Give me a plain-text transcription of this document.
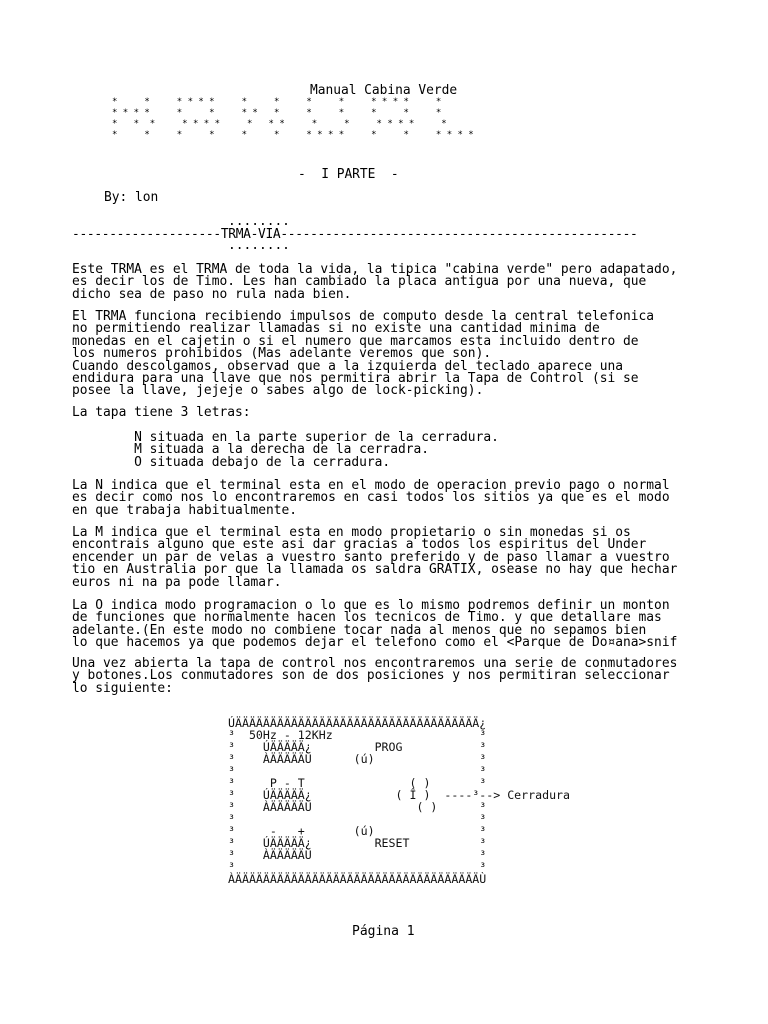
Manual Cabina Verde
*     *     * * * *     *     *     *     *     * * * *     *
* * * *     *     *     * *   *     *     *     *     *     *
*   *  *     * * * *     *   * *     *     *     * * * *     *
*     *     *     *     *     *     * * * *     *     *     * * * *
-  I PARTE  -
By: lon
........
--------------------TRMA-VIA------------------------------------------------
........
Este TRMA es el TRMA de toda la vida, la tipica "cabina verde" pero adapatado,
es decir los de Timo. Les han cambiado la placa antigua por una nueva, que
dicho sea de paso no rula nada bien.
El TRMA funciona recibiendo impulsos de computo desde la central telefonica
no permitiendo realizar llamadas si no existe una cantidad minima de
monedas en el cajetin o si el numero que marcamos esta incluido dentro de
los numeros prohibidos (Mas adelante veremos que son).
Cuando descolgamos, observad que a la izquierda del teclado aparece una
endidura para una llave que nos permitira abrir la Tapa de Control (si se
posee la llave, jejeje o sabes algo de lock-picking).
La tapa tiene 3 letras:
N situada en la parte superior de la cerradura.
M situada a la derecha de la cerradra.
O situada debajo de la cerradura.
La N indica que el terminal esta en el modo de operacion previo pago o normal
es decir como nos lo encontraremos en casi todos los sitios ya que es el modo
en que trabaja habitualmente.
La M indica que el terminal esta en modo propietario o sin monedas si os
encontrais alguno que este asi dar gracias a todos los espiritus del Under
encender un par de velas a vuestro santo preferido y de paso llamar a vuestro
tio en Australia por que la llamada os saldra GRATIX, osease no hay que hechar
euros ni na pa pode llamar.
La O indica modo programacion o lo que es lo mismo podremos definir un monton
de funciones que normalmente hacen los tecnicos de Timo. y que detallare mas
adelante.(En este modo no combiene tocar nada al menos que no sepamos bien
lo que hacemos ya que podemos dejar el telefono como el <Parque de Do¤ana>snif
Una vez abierta la tapa de control nos encontraremos una serie de conmutadores
y botones.Los conmutadores son de dos posiciones y nos permitiran seleccionar
lo siguiente:
ÚÄÄÄÄÄÄÄÄÄÄÄÄÄÄÄÄÄÄÄÄÄÄÄÄÄÄÄÄÄÄÄÄÄÄÄ¿
³  50Hz - 12KHz                     ³
³    ÚÄÄÄÄÄ¿         PROG           ³
³    ÀÄÄÄÄÄÙ      (ú)               ³
³                                   ³
³     P - T               ( )       ³
³    ÚÄÄÄÄÄ¿            ( Î )  ----³--> Cerradura
³    ÀÄÄÄÄÄÙ               ( )      ³
³                                   ³
³     -   +       (ú)               ³
³    ÚÄÄÄÄÄ¿         RESET          ³
³    ÀÄÄÄÄÄÙ                        ³
³                                   ³
ÀÄÄÄÄÄÄÄÄÄÄÄÄÄÄÄÄÄÄÄÄÄÄÄÄÄÄÄÄÄÄÄÄÄÄÄÙ
Página 1
